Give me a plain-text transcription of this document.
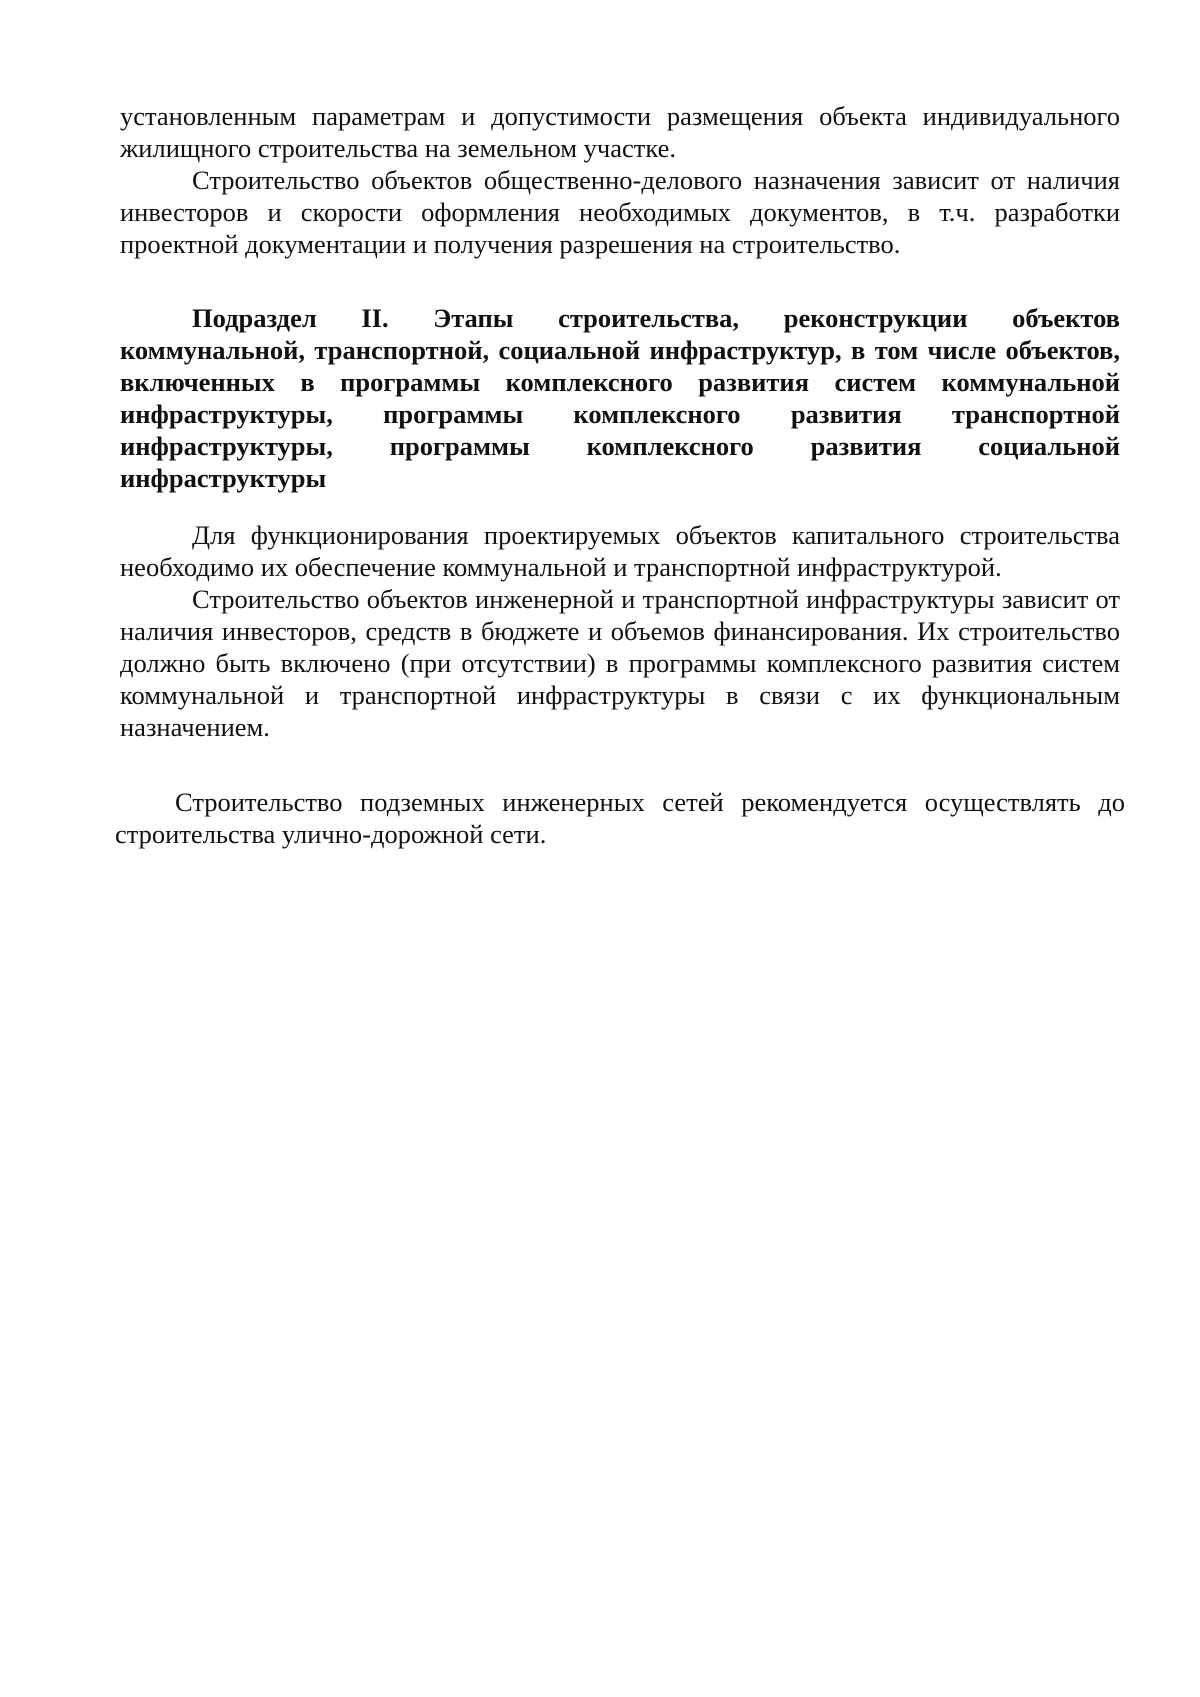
установленным параметрам и допустимости размещения объекта индивидуального жилищного строительства на земельном участке.

Строительство объектов общественно-делового назначения зависит от наличия инвесторов и скорости оформления необходимых документов, в т.ч. разработки проектной документации и получения разрешения на строительство.

Подраздел II. Этапы строительства, реконструкции объектов коммунальной, транспортной, социальной инфраструктур, в том числе объектов, включенных в программы комплексного развития систем коммунальной инфраструктуры, программы комплексного развития транспортной инфраструктуры, программы комплексного развития социальной инфраструктуры

Для функционирования проектируемых объектов капитального строительства необходимо их обеспечение коммунальной и транспортной инфраструктурой.

Строительство объектов инженерной и транспортной инфраструктуры зависит от наличия инвесторов, средств в бюджете и объемов финансирования. Их строительство должно быть включено (при отсутствии) в программы комплексного развития систем коммунальной и транспортной инфраструктуры в связи с их функциональным назначением.

Строительство подземных инженерных сетей рекомендуется осуществлять до строительства улично-дорожной сети.
